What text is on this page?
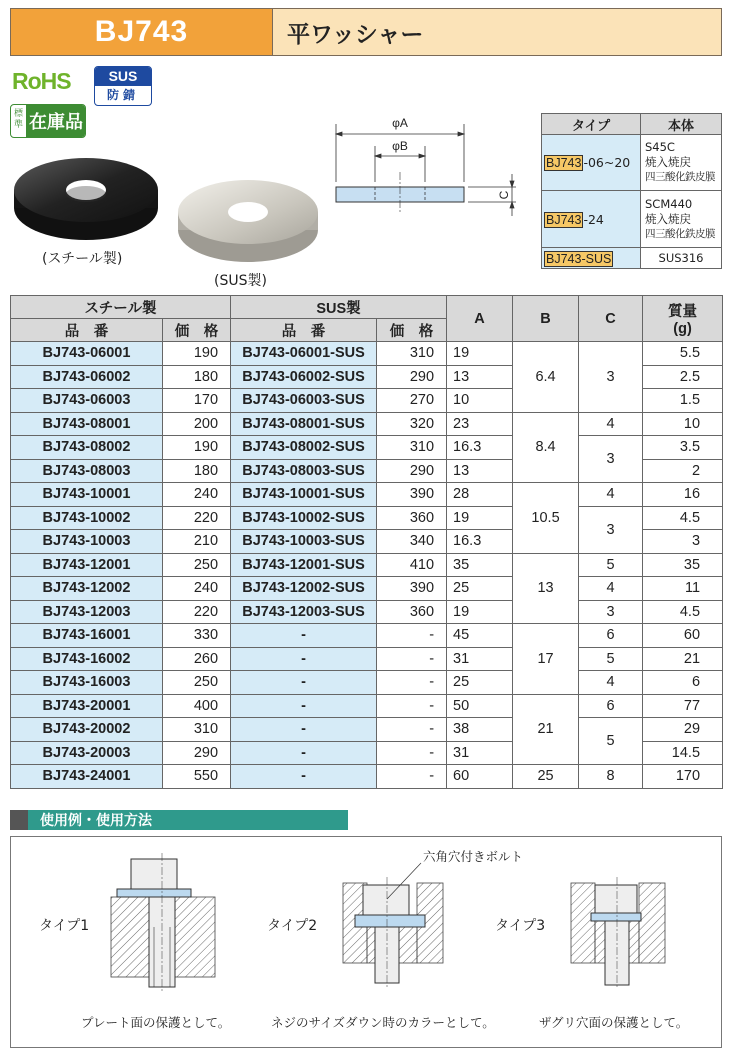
BJ743	平ワッシャー
RoHS	SUS
防錆
標準 在庫品
(スチール製)
(SUS製)
φA
φB
C
タイプ	本体
BJ743 -06~20	S45C
焼入焼戻
四三酸化鉄皮膜

BJ743 -24	SCM440
焼入焼戻
四三酸化鉄皮膜

BJ743-SUS	SUS316
スチール製		SUS製		A	B	C	質量
(g)

品　番	価　格	品　番	価　格				
BJ743-06001	190	BJ743-06001-SUS	310	19	6.4	3	5.5
BJ743-06002	180	BJ743-06002-SUS	290	13			2.5
BJ743-06003	170	BJ743-06003-SUS	270	10			1.5
BJ743-08001	200	BJ743-08001-SUS	320	23	8.4	4	10
BJ743-08002	190	BJ743-08002-SUS	310	16.3		3	3.5
BJ743-08003	180	BJ743-08003-SUS	290	13			2
BJ743-10001	240	BJ743-10001-SUS	390	28	10.5	4	16
BJ743-10002	220	BJ743-10002-SUS	360	19		3	4.5
BJ743-10003	210	BJ743-10003-SUS	340	16.3			3
BJ743-12001	250	BJ743-12001-SUS	410	35	13	5	35
BJ743-12002	240	BJ743-12002-SUS	390	25		4	11
BJ743-12003	220	BJ743-12003-SUS	360	19		3	4.5
BJ743-16001	330	-	-	45	17	6	60
BJ743-16002	260	-	-	31		5	21
BJ743-16003	250	-	-	25		4	6
BJ743-20001	400	-	-	50	21	6	77
BJ743-20002	310	-	-	38		5	29
BJ743-20003	290	-	-	31			14.5
BJ743-24001	550	-	-	60	25	8	170
使用例・使用方法
タイプ1	タイプ2	タイプ3
六角穴付きボルト
プレート面の保護として。	ネジのサイズダウン時のカラーとして。	ザグリ穴面の保護として。
